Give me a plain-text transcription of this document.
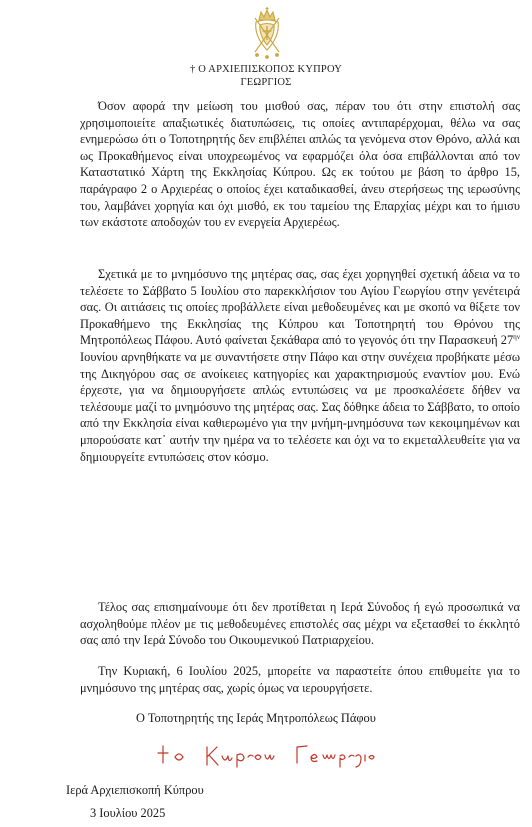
† Ο ΑΡΧΙΕΠΙΣΚΟΠΟΣ ΚΥΠΡΟΥ
ΓΕΩΡΓΙΟΣ

Όσον αφορά την μείωση του μισθού σας, πέραν του ότι στην επιστολή σας χρησιμοποιείτε απαξιωτικές διατυπώσεις, τις οποίες αντιπαρέρχομαι, θέλω να σας ενημερώσω ότι ο Τοποτηρητής δεν επιβλέπει απλώς τα γενόμενα στον Θρόνο, αλλά και ως Προκαθήμενος είναι υποχρεωμένος να εφαρμόζει όλα όσα επιβάλλονται από τον Καταστατικό Χάρτη της Εκκλησίας Κύπρου. Ως εκ τούτου με βάση το άρθρο 15, παράγραφο 2 ο Αρχιερέας ο οποίος έχει καταδικασθεί, άνευ στερήσεως της ιερωσύνης του, λαμβάνει χορηγία και όχι μισθό, εκ του ταμείου της Επαρχίας μέχρι και το ήμισυ των εκάστοτε αποδοχών του εν ενεργεία Αρχιερέως.

Σχετικά με το μνημόσυνο της μητέρας σας, σας έχει χορηγηθεί σχετική άδεια να το τελέσετε το Σάββατο 5 Ιουλίου στο παρεκκλήσιον του Αγίου Γεωργίου στην γενέτειρά σας. Οι αιτιάσεις τις οποίες προβάλλετε είναι μεθοδευμένες και με σκοπό να θίξετε τον Προκαθήμενο της Εκκλησίας της Κύπρου και Τοποτηρητή του Θρόνου της Μητροπόλεως Πάφου. Αυτό φαίνεται ξεκάθαρα από το γεγονός ότι την Παρασκευή $27^{\eta\nu}$ Ιουνίου αρνηθήκατε να με συναντήσετε στην Πάφο και στην συνέχεια προβήκατε μέσω της Δικηγόρου σας σε ανοίκειες κατηγορίες και χαρακτηρισμούς εναντίον μου. Ενώ έρχεστε, για να δημιουργήσετε απλώς εντυπώσεις να με προσκαλέσετε δήθεν να τελέσουμε μαζί το μνημόσυνο της μητέρας σας. Σας δόθηκε άδεια το Σάββατο, το οποίο από την Εκκλησία είναι καθιερωμένο για την μνήμη-μνημόσυνα των κεκοιμημένων και μπορούσατε κατ᾽ αυτήν την ημέρα να το τελέσετε και όχι να το εκμεταλλευθείτε για να δημιουργείτε εντυπώσεις στον κόσμο.

Τέλος σας επισημαίνουμε ότι δεν προτίθεται η Ιερά Σύνοδος ή εγώ προσωπικά να ασχοληθούμε πλέον με τις μεθοδευμένες επιστολές σας μέχρι να εξετασθεί το έκκλητό σας από την Ιερά Σύνοδο του Οικουμενικού Πατριαρχείου.

Την Κυριακή, 6 Ιουλίου 2025, μπορείτε να παραστείτε όπου επιθυμείτε για το μνημόσυνο της μητέρας σας, χωρίς όμως να ιερουργήσετε.

Ο Τοποτηρητής της Ιεράς Μητροπόλεως Πάφου
Ιερά Αρχιεπισκοπή Κύπρου
3 Ιουλίου 2025
